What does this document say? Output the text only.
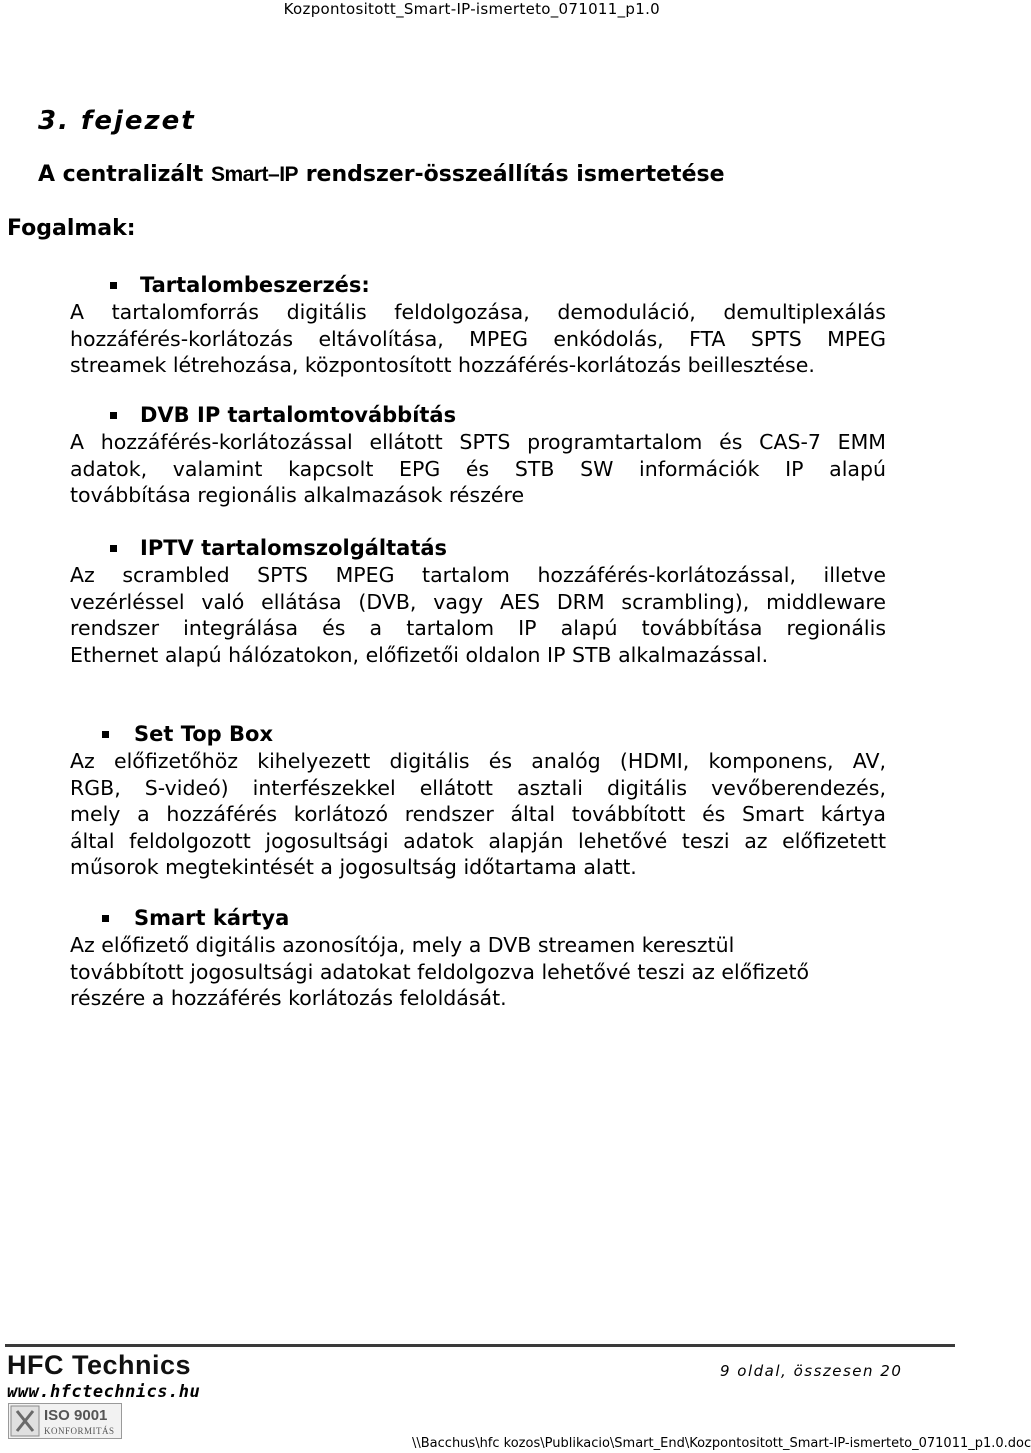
Kozpontositott_Smart-IP-ismerteto_071011_p1.0
3. fejezet
A centralizált Smart–IP rendszer-összeállítás ismertetése
Fogalmak:
Tartalombeszerzés:

A tartalomforrás digitális feldolgozása, demoduláció, demultiplexálás

hozzáférés-korlátozás eltávolítása, MPEG enkódolás, FTA SPTS MPEG

streamek létrehozása, központosított hozzáférés-korlátozás beillesztése.

DVB IP tartalomtovábbítás

A hozzáférés-korlátozással ellátott SPTS programtartalom és CAS-7 EMM

adatok, valamint kapcsolt EPG és STB SW információk IP alapú

továbbítása regionális alkalmazások részére

IPTV tartalomszolgáltatás

Az scrambled SPTS MPEG tartalom hozzáférés-korlátozással, illetve

vezérléssel való ellátása (DVB, vagy AES DRM scrambling), middleware

rendszer integrálása és a tartalom IP alapú továbbítása regionális

Ethernet alapú hálózatokon, előfizetői oldalon IP STB alkalmazással.

Set Top Box

Az előfizetőhöz kihelyezett digitális és analóg (HDMI, komponens, AV,

RGB, S-videó) interfészekkel ellátott asztali digitális vevőberendezés,

mely a hozzáférés korlátozó rendszer által továbbított és Smart kártya

által feldolgozott jogosultsági adatok alapján lehetővé teszi az előfizetett

műsorok megtekintését a jogosultság időtartama alatt.

Smart kártya

Az előfizető digitális azonosítója, mely a DVB streamen keresztül

továbbított jogosultsági adatokat feldolgozva lehetővé teszi az előfizető

részére a hozzáférés korlátozás feloldását.

HFC Technics
www.hfctechnics.hu
9 oldal, összesen 20
ISO 9001
KONFORMITÁS
\\Bacchus\hfc kozos\Publikacio\Smart_End\Kozpontositott_Smart-IP-ismerteto_071011_p1.0.doc
